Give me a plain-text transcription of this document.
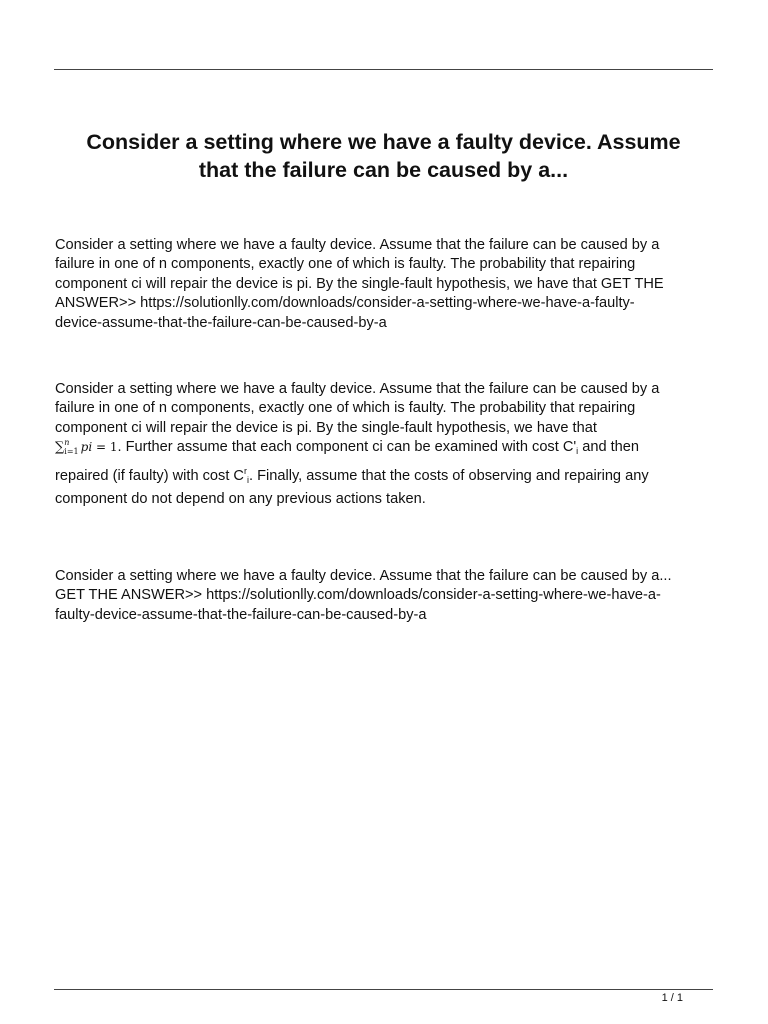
Consider a setting where we have a faulty device. Assume
that the failure can be caused by a...
Consider a setting where we have a faulty device. Assume that the failure can be caused by a
failure in one of n components, exactly one of which is faulty. The probability that repairing
component ci will repair the device is pi. By the single-fault hypothesis, we have that GET THE
ANSWER>> https://solutionlly.com/downloads/consider-a-setting-where-we-have-a-faulty-
device-assume-that-the-failure-can-be-caused-by-a
Consider a setting where we have a faulty device. Assume that the failure can be caused by a
failure in one of n components, exactly one of which is faulty. The probability that repairing
component ci will repair the device is pi. By the single-fault hypothesis, we have that
∑ n
i=1 pi = 1. Further assume that each component ci can be examined with cost $C'_i$ and then
repaired (if faulty) with cost $C^r_i$. Finally, assume that the costs of observing and repairing any
component do not depend on any previous actions taken.
Consider a setting where we have a faulty device. Assume that the failure can be caused by a...
GET THE ANSWER>> https://solutionlly.com/downloads/consider-a-setting-where-we-have-a-
faulty-device-assume-that-the-failure-can-be-caused-by-a
1 / 1
